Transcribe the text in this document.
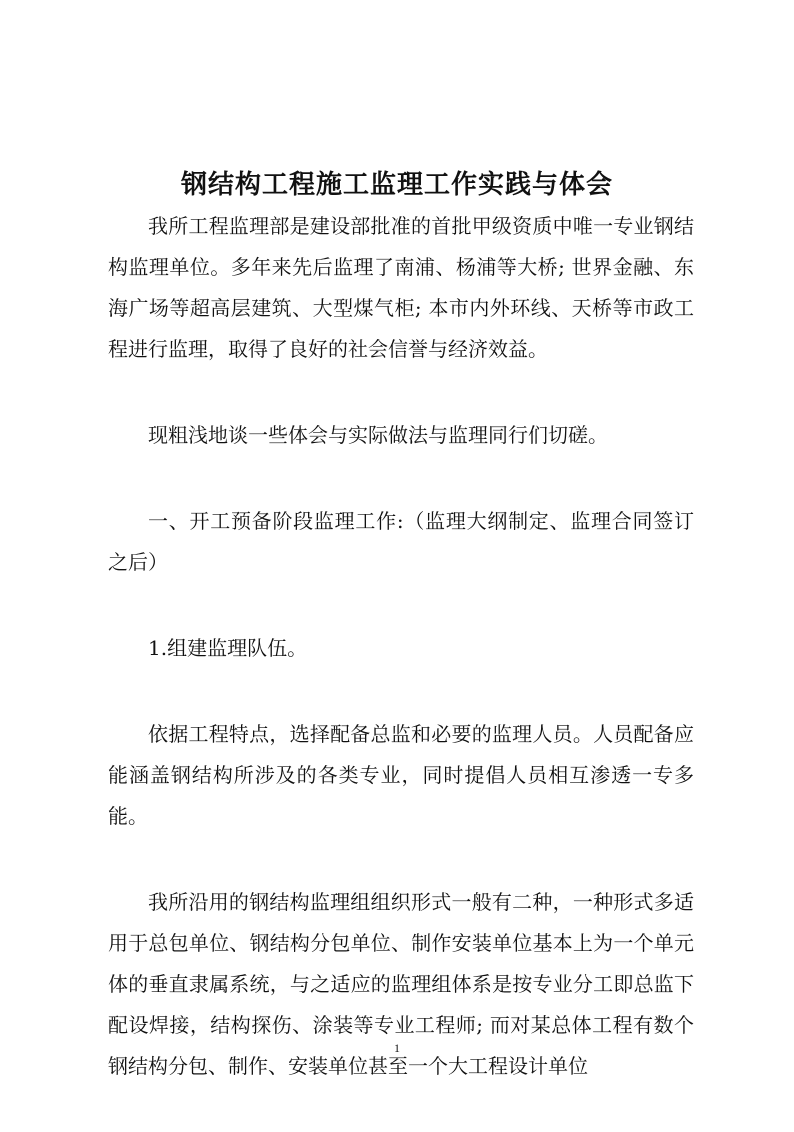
钢结构工程施工监理工作实践与体会

我所工程监理部是建设部批准的首批甲级资质中唯一专业钢结构监理单位。多年来先后监理了南浦、杨浦等大桥; 世界金融、东海广场等超高层建筑、大型煤气柜; 本市内外环线、天桥等市政工程进行监理，取得了良好的社会信誉与经济效益。

现粗浅地谈一些体会与实际做法与监理同行们切磋。

一、开工预备阶段监理工作:（监理大纲制定、监理合同签订之后）

1.组建监理队伍。

依据工程特点，选择配备总监和必要的监理人员。人员配备应能涵盖钢结构所涉及的各类专业，同时提倡人员相互渗透一专多能。

我所沿用的钢结构监理组组织形式一般有二种，一种形式多适用于总包单位、钢结构分包单位、制作安装单位基本上为一个单元体的垂直隶属系统，与之适应的监理组体系是按专业分工即总监下配设焊接，结构探伤、涂装等专业工程师; 而对某总体工程有数个钢结构分包、制作、安装单位甚至一个大工程设计单位

1
